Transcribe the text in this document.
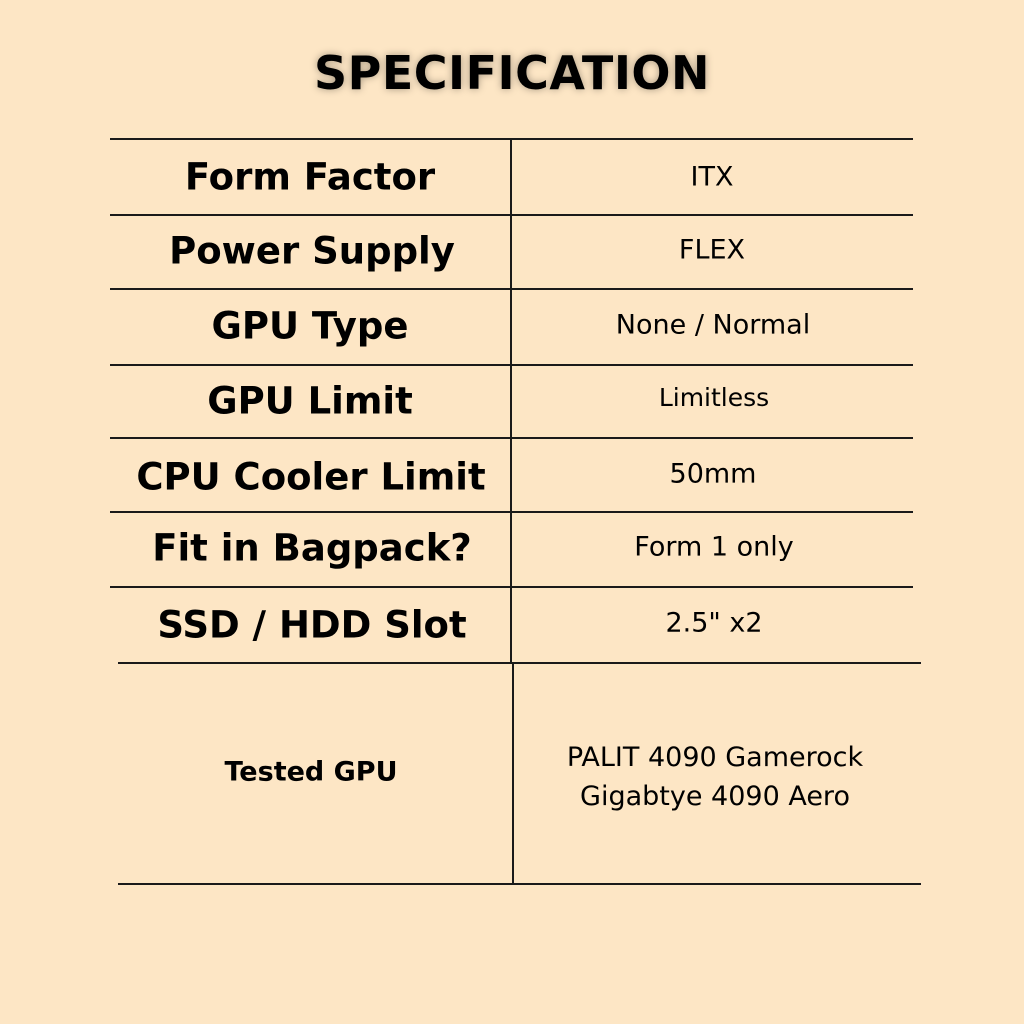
SPECIFICATION
Form Factor	ITX
Power Supply	FLEX
GPU Type	None / Normal
GPU Limit	Limitless
CPU Cooler Limit	50mm
Fit in Bagpack?	Form 1 only
SSD / HDD Slot	2.5" x2
Tested GPU	PALIT 4090 Gamerock
Gigabtye 4090 Aero
